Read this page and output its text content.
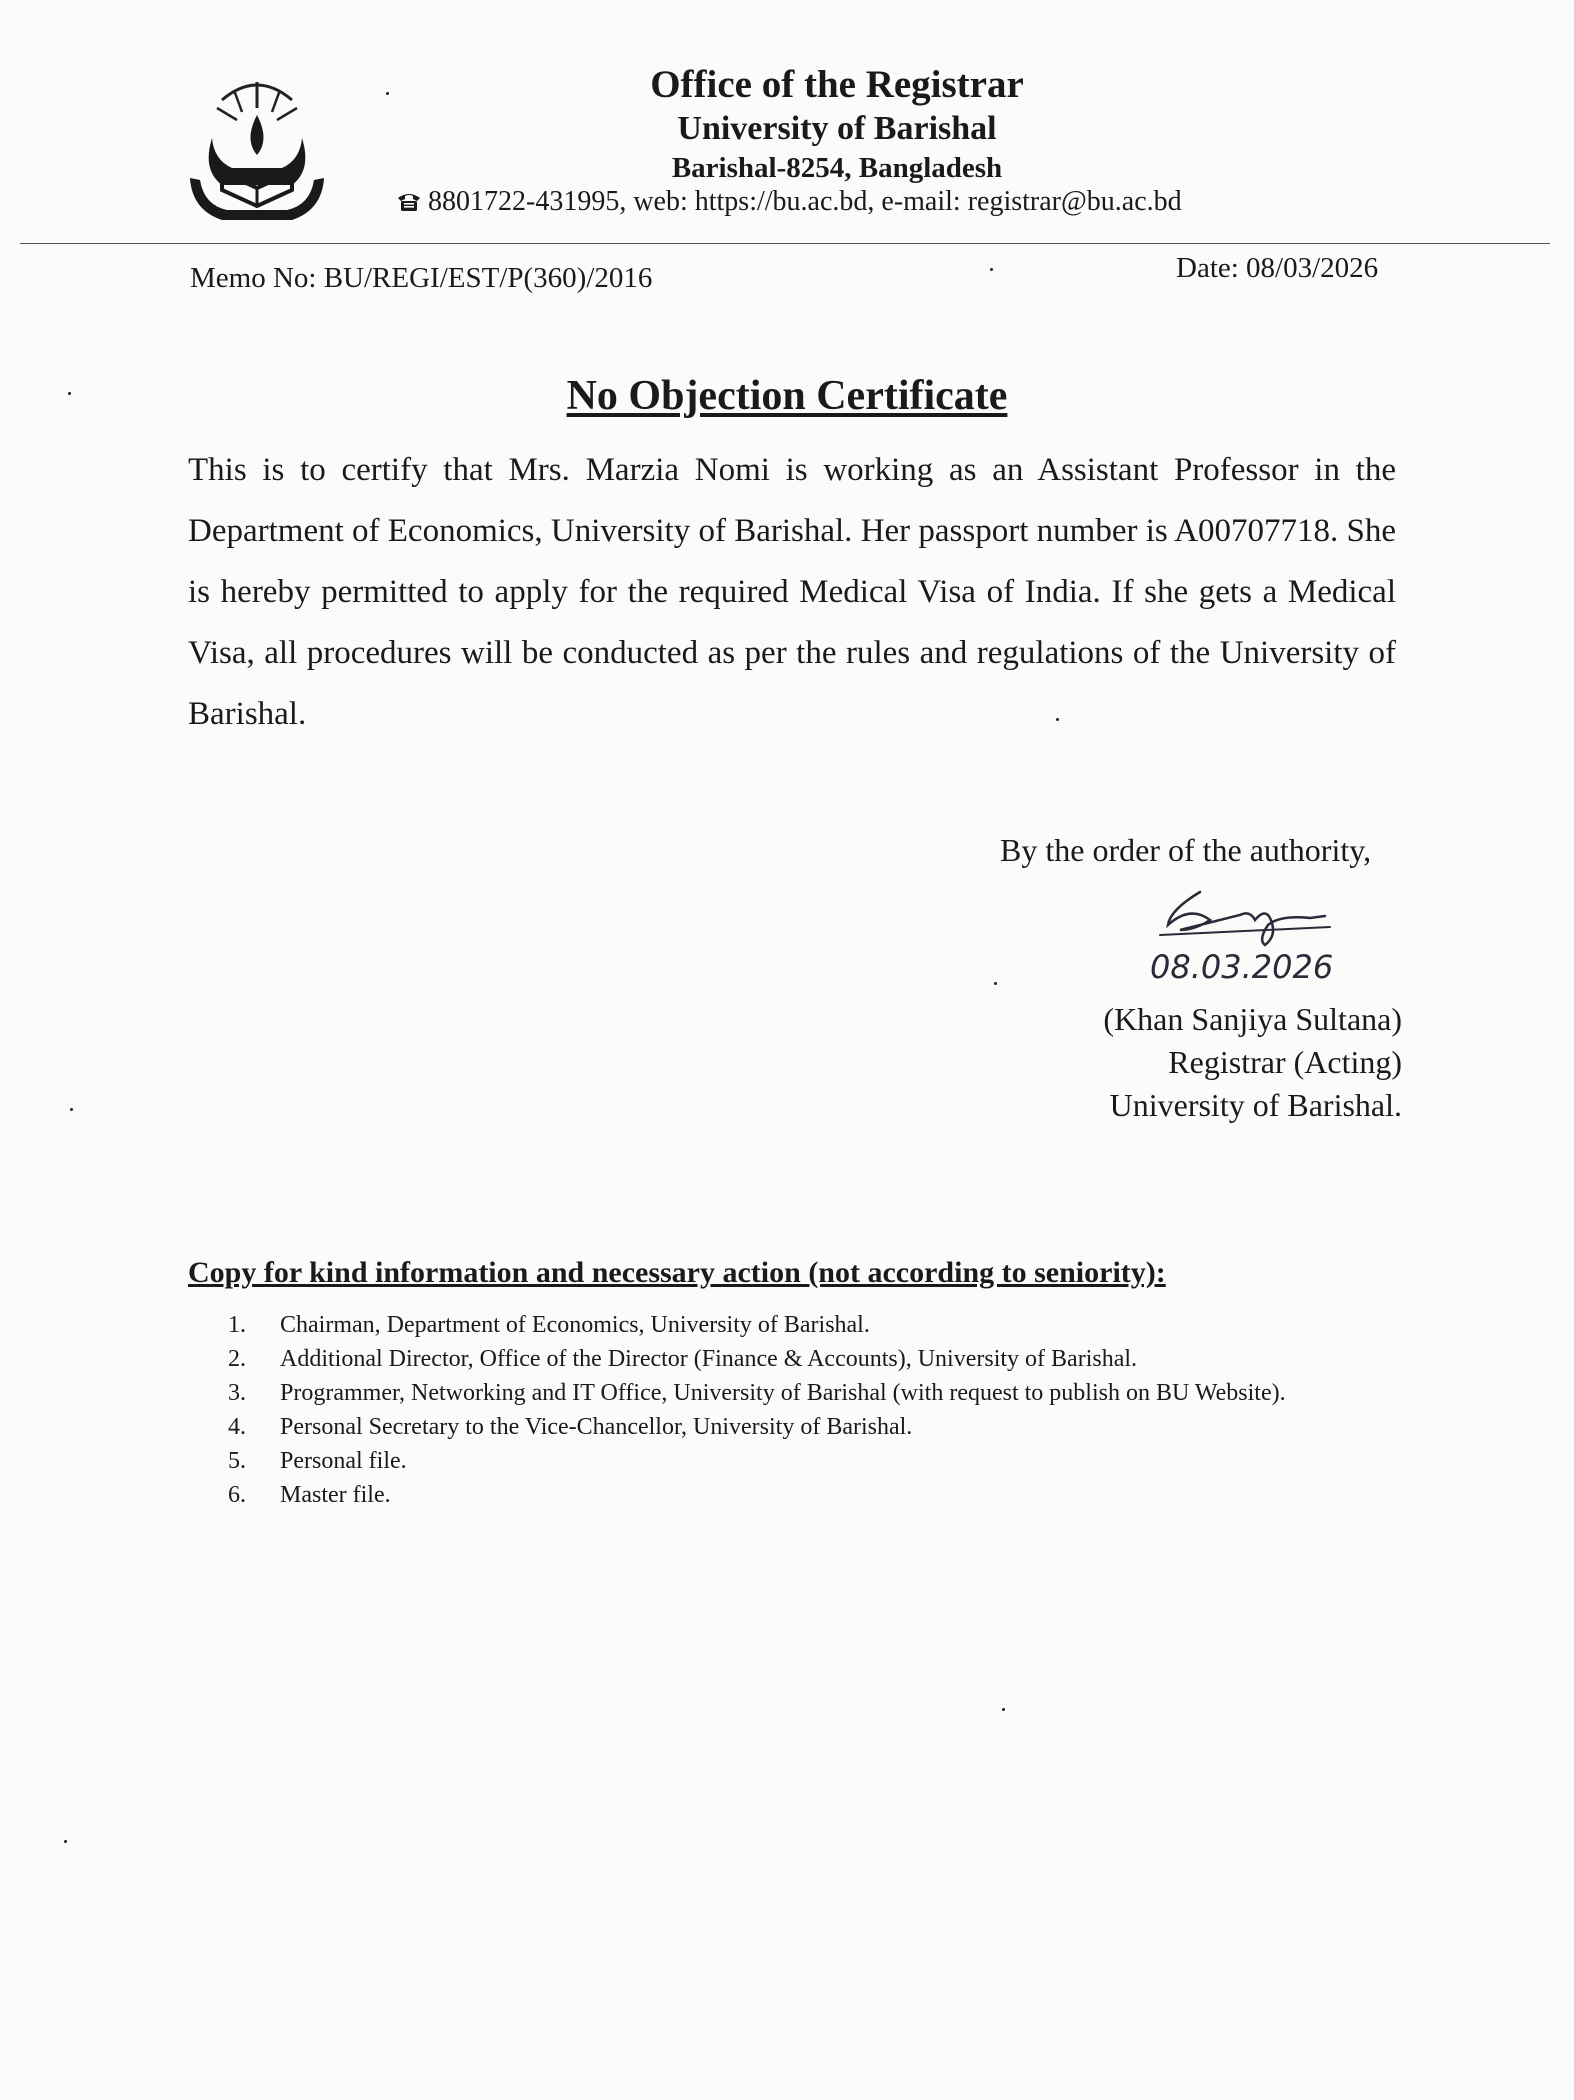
Office of the Registrar
University of Barishal
Barishal-8254, Bangladesh
8801722-431995, web: https://bu.ac.bd, e-mail: registrar@bu.ac.bd
Memo No: BU/REGI/EST/P(360)/2016	Date: 08/03/2026
No Objection Certificate

This is to certify that Mrs. Marzia Nomi is working as an Assistant Professor in the Department of Economics, University of Barishal. Her passport number is A00707718. She is hereby permitted to apply for the required Medical Visa of India. If she gets a Medical Visa, all procedures will be conducted as per the rules and regulations of the University of Barishal.

By the order of the authority,
08.03.2026
(Khan Sanjiya Sultana)
Registrar (Acting)
University of Barishal.
Copy for kind information and necessary action (not according to seniority):
1. Chairman, Department of Economics, University of Barishal.
2. Additional Director, Office of the Director (Finance & Accounts), University of Barishal.
3. Programmer, Networking and IT Office, University of Barishal (with request to publish on BU Website).
4. Personal Secretary to the Vice-Chancellor, University of Barishal.
5. Personal file.
6. Master file.
